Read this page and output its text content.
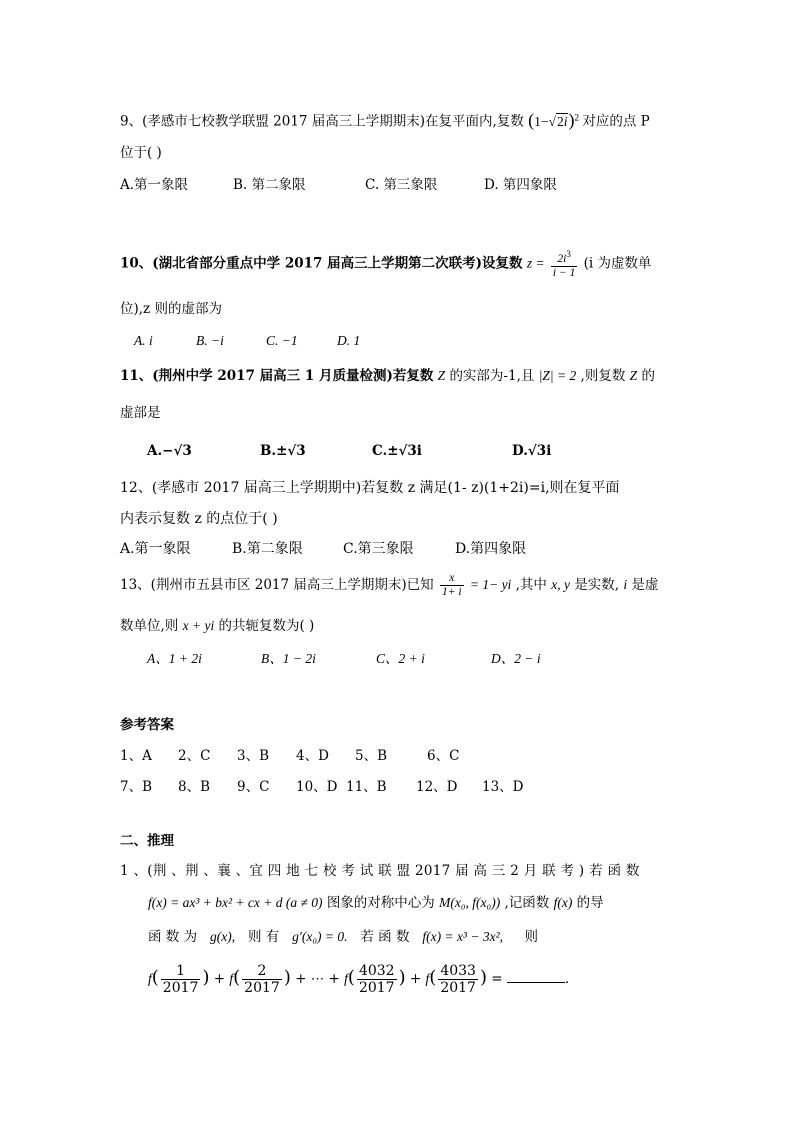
9、(孝感市七校教学联盟 2017 届高三上学期期末)在复平面内,复数 $(1-√2i)^2$ 对应的点 P
位于( )
A.第一象限	B. 第二象限	C. 第三象限	D. 第四象限
10、(湖北省部分重点中学 2017 届高三上学期第二次联考)设复数 $z = \frac{2i^3}{i - 1} (i$ 为虚数单
位),z 则的虚部为
A. i	B. −i	C. −1	D. 1
11、(荆州中学 2017 届高三 1 月质量检测)若复数 Z 的实部为-1,且 |Z| = 2 ,则复数 Z 的
虚部是
A.−√3	B.±√3	C.±√3i	D.√3i
12、(孝感市 2017 届高三上学期期中)若复数 z 满足(1- z)(1+2i)=i,则在复平面
内表示复数 z 的点位于( )
A.第一象限	B.第二象限	C.第三象限	D.第四象限
13、(荆州市五县市区 2017 届高三上学期期末)已知 $\frac{x}{1+ i} = 1-$ yi ,其中 x, y 是实数, i 是虚
数单位,则 x + yi 的共轭复数为( )
A、1 + 2i	B、1 − 2i	C、2 + i	D、2 − i
参考答案
1、A 2、C 3、B 4、D 5、B	6、C
7、B 8、B 9、C 10、D 11、B 12、D 13、D
二、推理
1 、(荆 、荆 、襄 、宜 四 地 七 校 考 试 联 盟 2017 届 高 三 2 月 联 考 ) 若 函 数
f(x) = ax³ + bx² + cx + d (a ≠ 0) 图象的对称中心为 M(x₀, f(x₀)) ,记函数 f(x) 的导
函 数 为 g(x), 则 有 g′(x₀) = 0. 若 函 数 f(x) = x³ − 3x², 则
$f( \frac{1}{2017}$ ) + $f( \frac{2}{2017}$ ) + ⋯ + $f( \frac{4032}{2017}$ ) + $f( \frac{4033}{2017}$ ) =	.
